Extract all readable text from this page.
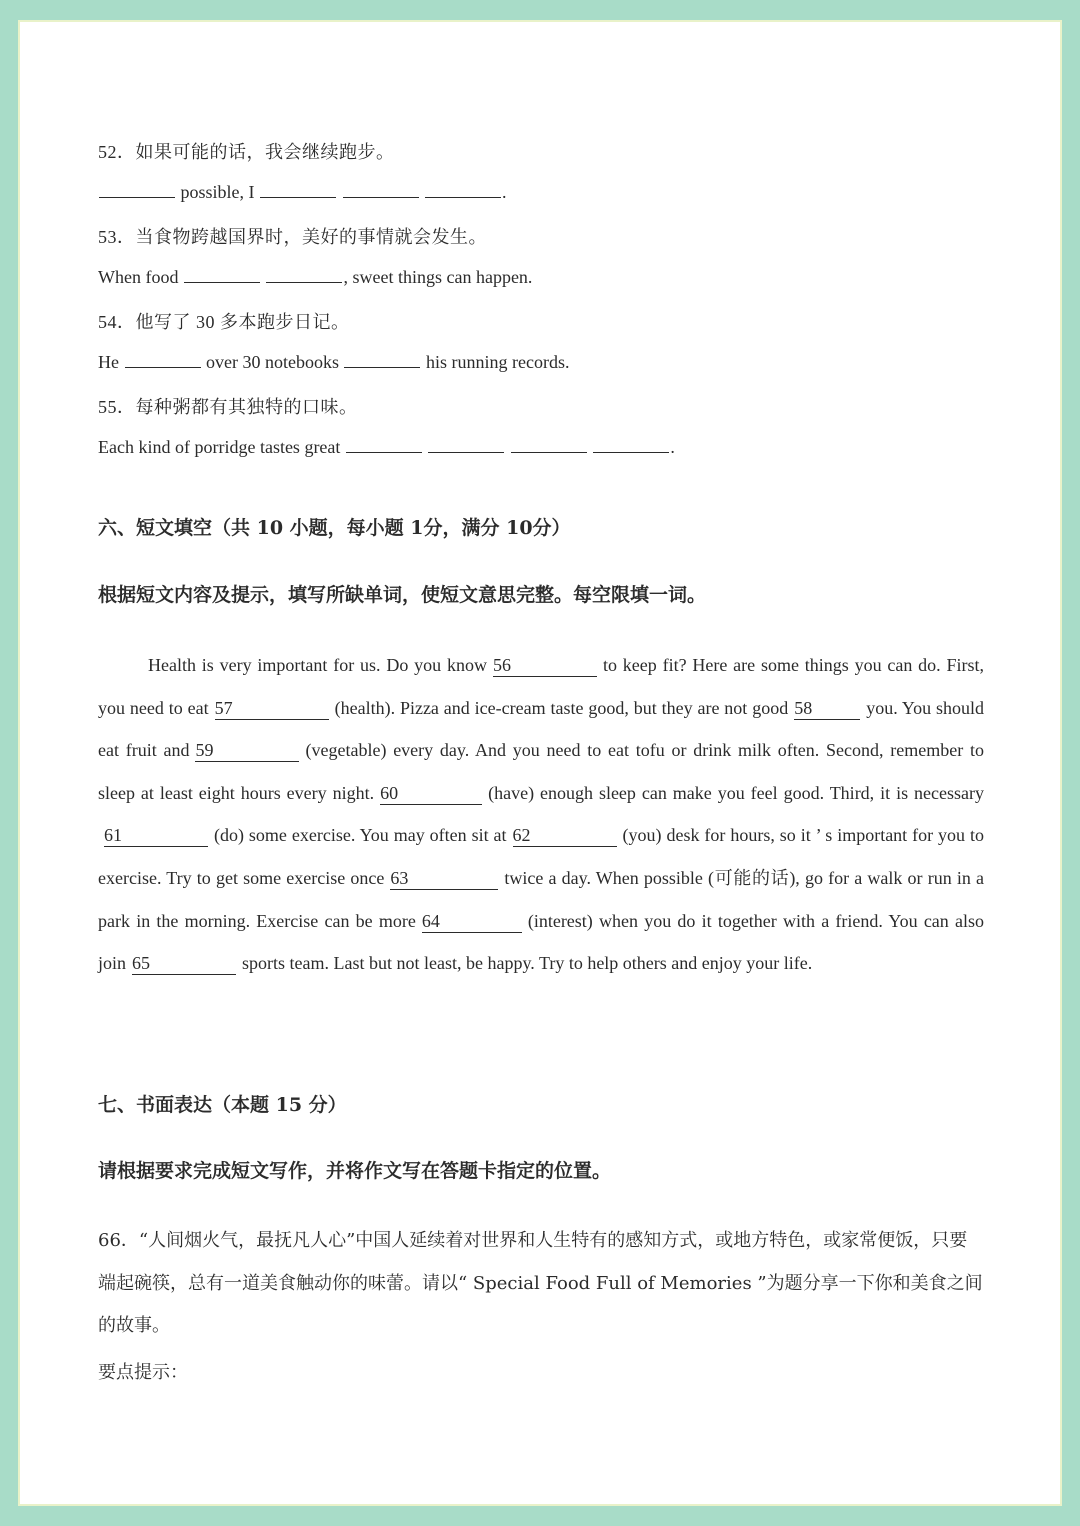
52．如果可能的话，我会继续跑步。
possible, I	.
53．当食物跨越国界时，美好的事情就会发生。
When food	, sweet things can happen.
54．他写了 30 多本跑步日记。
He	over 30 notebooks	his running records.
55．每种粥都有其独特的口味。
Each kind of porridge tastes great	.
六、短文填空（共 10 小题，每小题 1分，满分 10分）
根据短文内容及提示，填写所缺单词，使短文意思完整。每空限填一词。
Health is very important for us. Do you know 56	to keep fit? Here are some things you can do. First, you need to eat 57	(health). Pizza and ice-cream taste good, but they are not good 58	you. You should eat fruit and 59	(vegetable) every day. And you need to eat tofu or drink milk often. Second, remember to sleep at least eight hours every night. 60	(have) enough sleep can make you feel good. Third, it is necessary61	(do) some exercise. You may often sit at 62	(you) desk for hours, so it ’ s important for you to exercise. Try to get some exercise once 63	twice a day. When possible (可能的话), go for a walk or run in a park in the morning. Exercise can be more 64	(interest) when you do it together with a friend. You can also join 65	sports team. Last but not least, be happy. Try to help others and enjoy your life.
七、书面表达（本题 15 分）
请根据要求完成短文写作，并将作文写在答题卡指定的位置。
66．“人间烟火气，最抚凡人心”中国人延续着对世界和人生特有的感知方式，或地方特色，或家常便饭，只要端起碗筷，总有一道美食触动你的味蕾。请以“ Special Food Full of Memories ”为题分享一下你和美食之间的故事。
要点提示：
